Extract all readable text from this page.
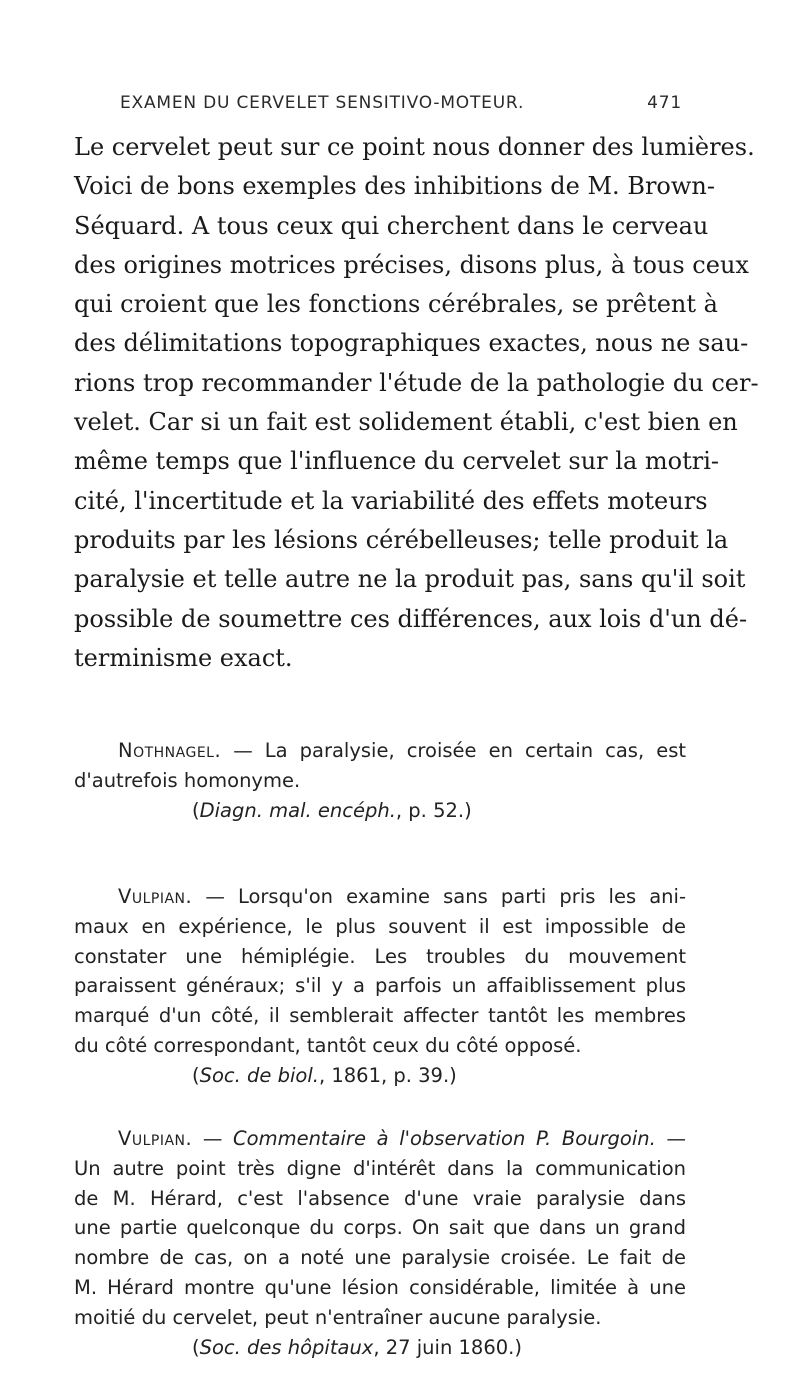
EXAMEN DU CERVELET SENSITIVO-MOTEUR.	471
Le cervelet peut sur ce point nous donner des lumières.
Voici de bons exemples des inhibitions de M. Brown-
Séquard. A tous ceux qui cherchent dans le cerveau
des origines motrices précises, disons plus, à tous ceux
qui croient que les fonctions cérébrales, se prêtent à
des délimitations topographiques exactes, nous ne sau-
rions trop recommander l'étude de la pathologie du cer-
velet. Car si un fait est solidement établi, c'est bien en
même temps que l'influence du cervelet sur la motri-
cité, l'incertitude et la variabilité des effets moteurs
produits par les lésions cérébelleuses; telle produit la
paralysie et telle autre ne la produit pas, sans qu'il soit
possible de soumettre ces différences, aux lois d'un dé-
terminisme exact.
Nothnagel. — La paralysie, croisée en certain cas, est
d'autrefois homonyme.
(Diagn. mal. encéph., p. 52.)
Vulpian. — Lorsqu'on examine sans parti pris les ani-
maux en expérience, le plus souvent il est impossible de
constater une hémiplégie. Les troubles du mouvement
paraissent généraux; s'il y a parfois un affaiblissement plus
marqué d'un côté, il semblerait affecter tantôt les membres
du côté correspondant, tantôt ceux du côté opposé.
(Soc. de biol., 1861, p. 39.)
Vulpian. — Commentaire à l'observation P. Bourgoin. —
Un autre point très digne d'intérêt dans la communication
de M. Hérard, c'est l'absence d'une vraie paralysie dans
une partie quelconque du corps. On sait que dans un grand
nombre de cas, on a noté une paralysie croisée. Le fait de
M. Hérard montre qu'une lésion considérable, limitée à une
moitié du cervelet, peut n'entraîner aucune paralysie.
(Soc. des hôpitaux, 27 juin 1860.)
